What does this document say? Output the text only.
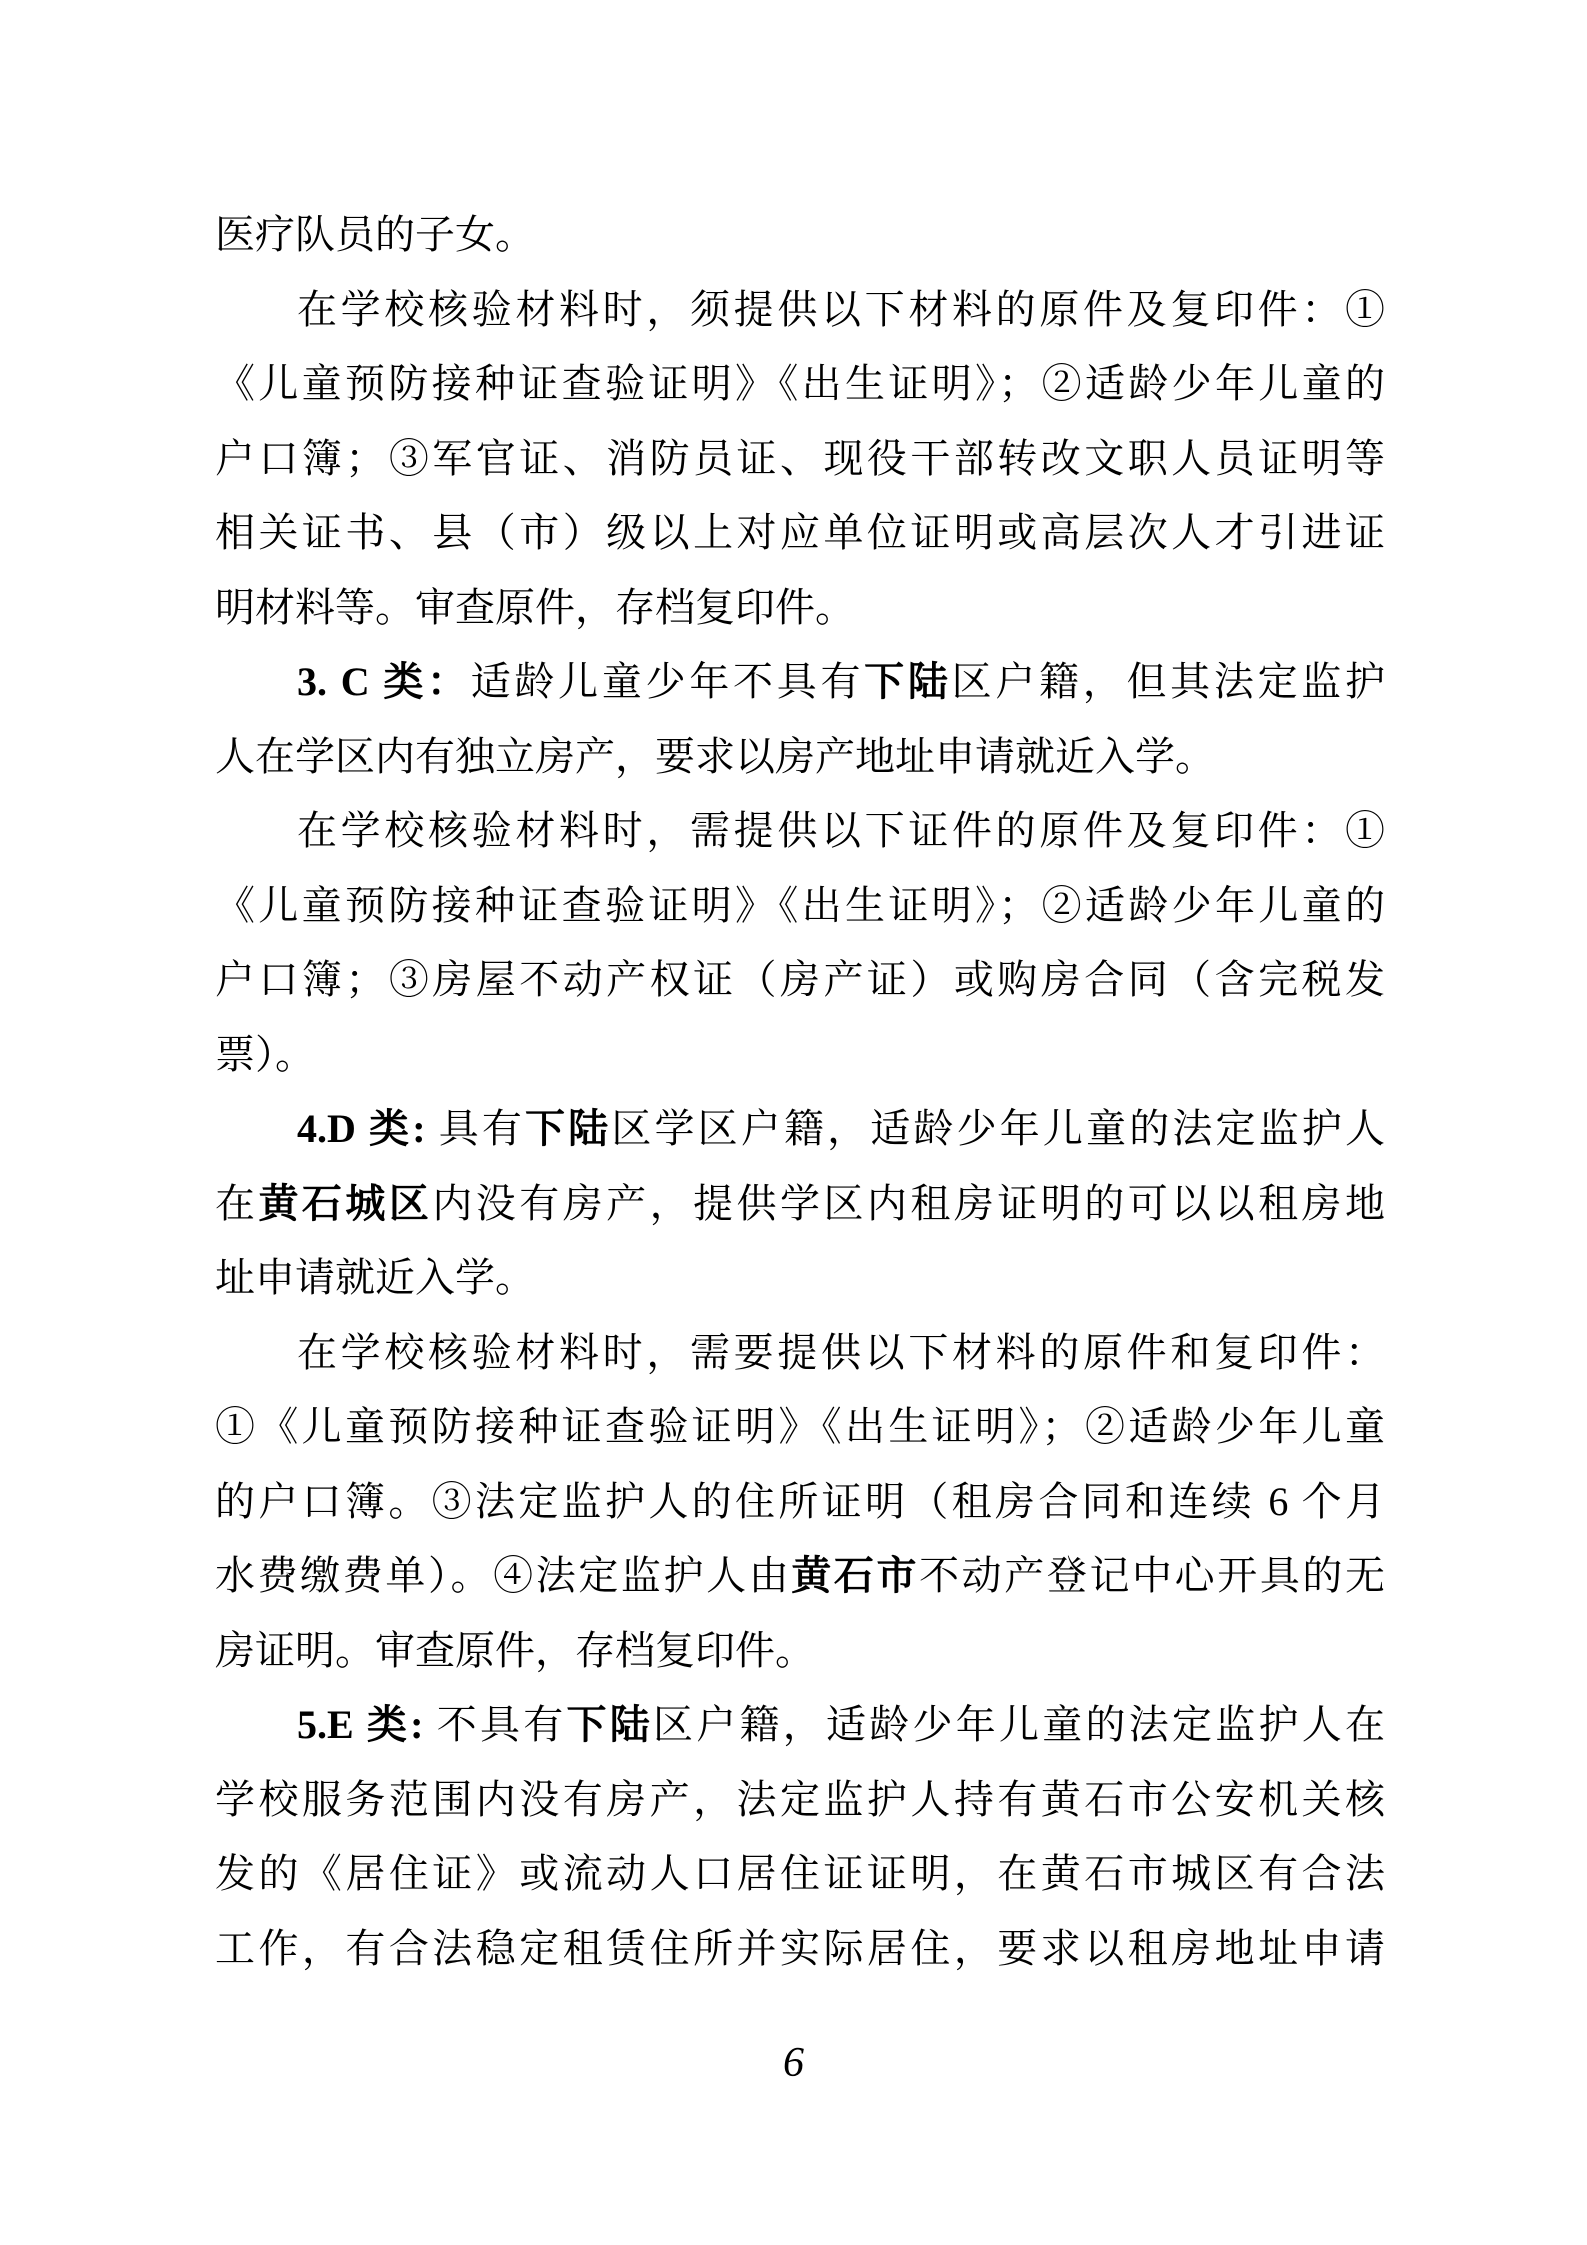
医疗队员的子女。
在学校核验材料时，须提供以下材料的原件及复印件：①
《儿童预防接种证查验证明》《出生证明》；②适龄少年儿童的
户口簿；③军官证、消防员证、现役干部转改文职人员证明等
相关证书、县（市）级以上对应单位证明或高层次人才引进证
明材料等。审查原件，存档复印件。
3. C 类：适龄儿童少年不具有下陆区户籍，但其法定监护
人在学区内有独立房产，要求以房产地址申请就近入学。
在学校核验材料时，需提供以下证件的原件及复印件：①
《儿童预防接种证查验证明》《出生证明》；②适龄少年儿童的
户口簿；③房屋不动产权证（房产证）或购房合同（含完税发
票）。
4.D 类: 具有下陆区学区户籍，适龄少年儿童的法定监护人
在黄石城区内没有房产，提供学区内租房证明的可以以租房地
址申请就近入学。
在学校核验材料时，需要提供以下材料的原件和复印件：
①《儿童预防接种证查验证明》《出生证明》；②适龄少年儿童
的户口簿。③法定监护人的住所证明（租房合同和连续 6 个月
水费缴费单）。④法定监护人由黄石市不动产登记中心开具的无
房证明。审查原件，存档复印件。
5.E 类: 不具有下陆区户籍，适龄少年儿童的法定监护人在
学校服务范围内没有房产，法定监护人持有黄石市公安机关核
发的《居住证》或流动人口居住证证明，在黄石市城区有合法
工作，有合法稳定租赁住所并实际居住，要求以租房地址申请
6
